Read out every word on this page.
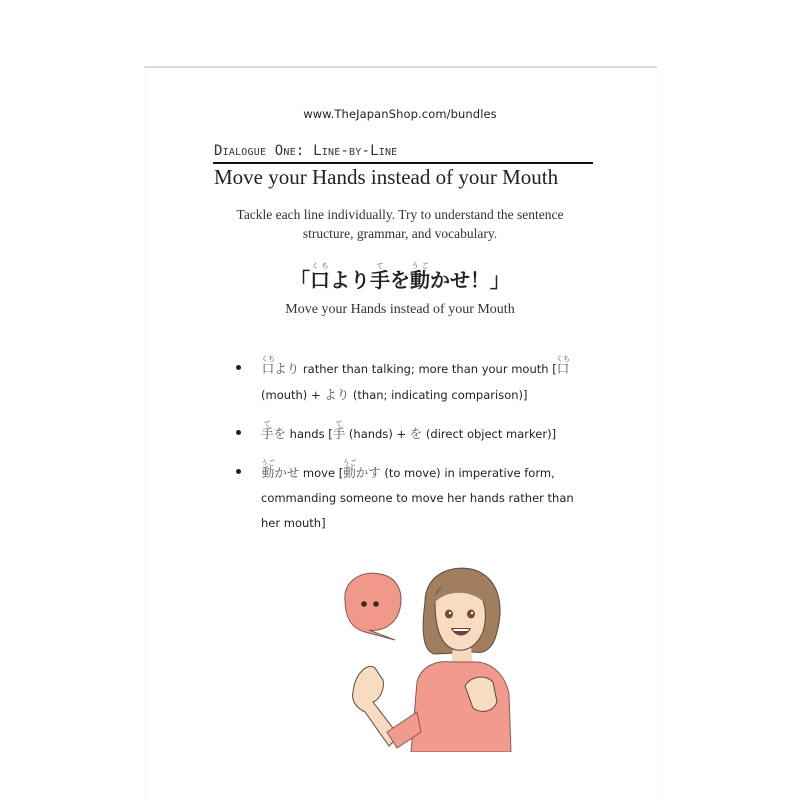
www.TheJapanShop.com/bundles
Dialogue One: Line-by-Line
Move your Hands instead of your Mouth
Tackle each line individually. Try to understand the sentence
structure, grammar, and vocabulary.
「口くちより手てを動うごかせ！」
Move your Hands instead of your Mouth
口くちより rather than talking; more than your mouth [口くち (mouth) + より (than; indicating comparison)]
手てを hands [手て (hands) + を (direct object marker)]
動うごかせ move [動うごかす (to move) in imperative form, commanding someone to move her hands rather than her mouth]
